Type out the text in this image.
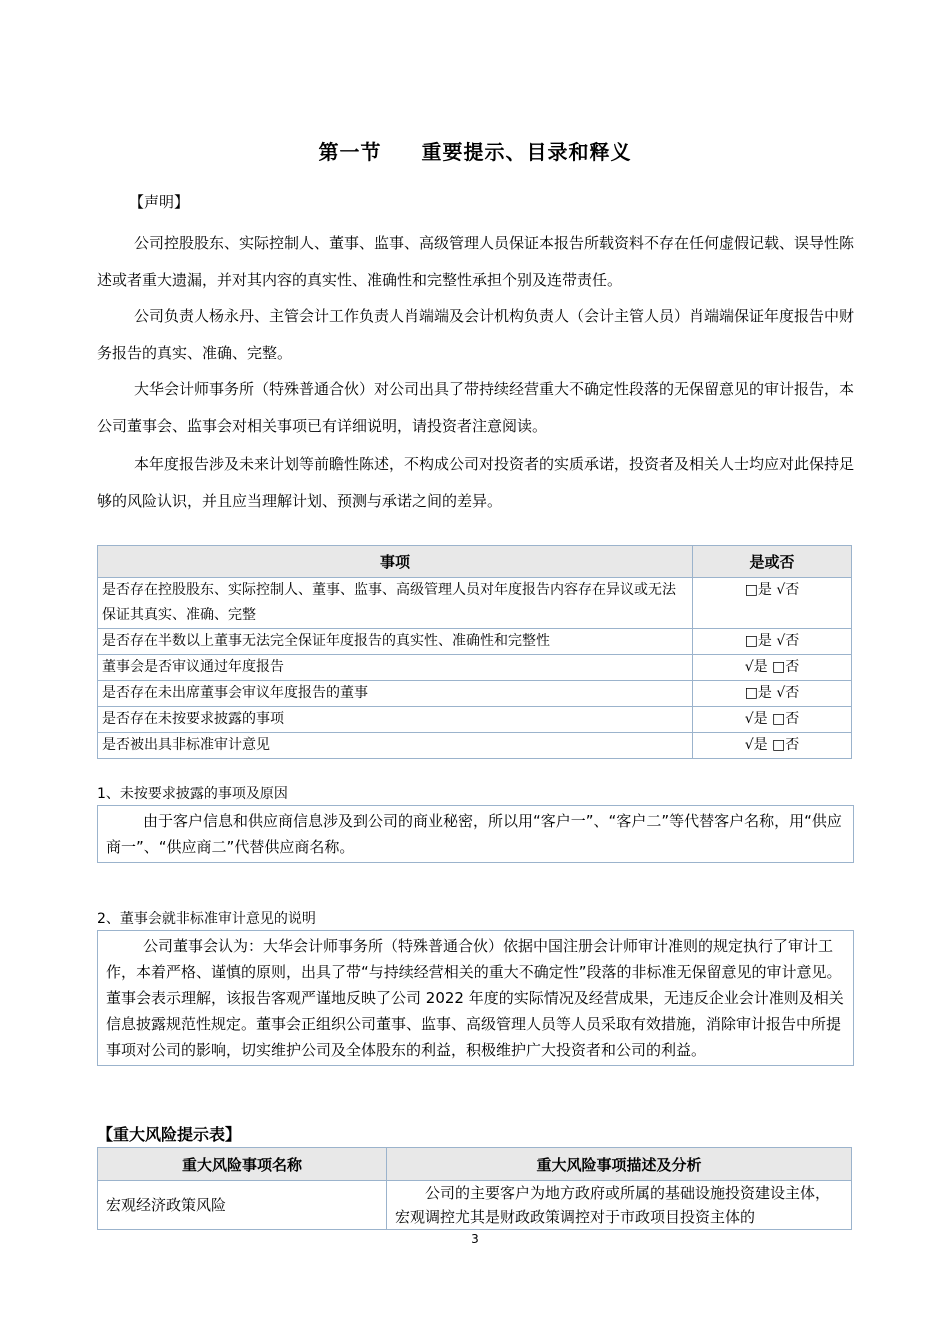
第一节 重要提示、目录和释义
【声明】
公司控股股东、实际控制人、董事、监事、高级管理人员保证本报告所载资料不存在任何虚假记载、误导性陈述或者重大遗漏，并对其内容的真实性、准确性和完整性承担个别及连带责任。
公司负责人杨永丹、主管会计工作负责人肖端端及会计机构负责人（会计主管人员）肖端端保证年度报告中财务报告的真实、准确、完整。
大华会计师事务所（特殊普通合伙）对公司出具了带持续经营重大不确定性段落的无保留意见的审计报告，本公司董事会、监事会对相关事项已有详细说明，请投资者注意阅读。
本年度报告涉及未来计划等前瞻性陈述，不构成公司对投资者的实质承诺，投资者及相关人士均应对此保持足够的风险认识，并且应当理解计划、预测与承诺之间的差异。
事项	是或否
是否存在控股股东、实际控制人、董事、监事、高级管理人员对年度报告内容存在异议或无法保证其真实、准确、完整	□是 √否
是否存在半数以上董事无法完全保证年度报告的真实性、准确性和完整性	□是 √否
董事会是否审议通过年度报告	√是 □否
是否存在未出席董事会审议年度报告的董事	□是 √否
是否存在未按要求披露的事项	√是 □否
是否被出具非标准审计意见	√是 □否
1、未按要求披露的事项及原因
由于客户信息和供应商信息涉及到公司的商业秘密，所以用“客户一”、“客户二”等代替客户名称，用“供应商一”、“供应商二”代替供应商名称。
2、董事会就非标准审计意见的说明
公司董事会认为：大华会计师事务所（特殊普通合伙）依据中国注册会计师审计准则的规定执行了审计工作，本着严格、谨慎的原则，出具了带“与持续经营相关的重大不确定性”段落的非标准无保留意见的审计意见。董事会表示理解，该报告客观严谨地反映了公司 2022 年度的实际情况及经营成果，无违反企业会计准则及相关信息披露规范性规定。董事会正组织公司董事、监事、高级管理人员等人员采取有效措施，消除审计报告中所提事项对公司的影响，切实维护公司及全体股东的利益，积极维护广大投资者和公司的利益。
【重大风险提示表】
重大风险事项名称	重大风险事项描述及分析
宏观经济政策风险	公司的主要客户为地方政府或所属的基础设施投资建设主体，宏观调控尤其是财政政策调控对于市政项目投资主体的
3
